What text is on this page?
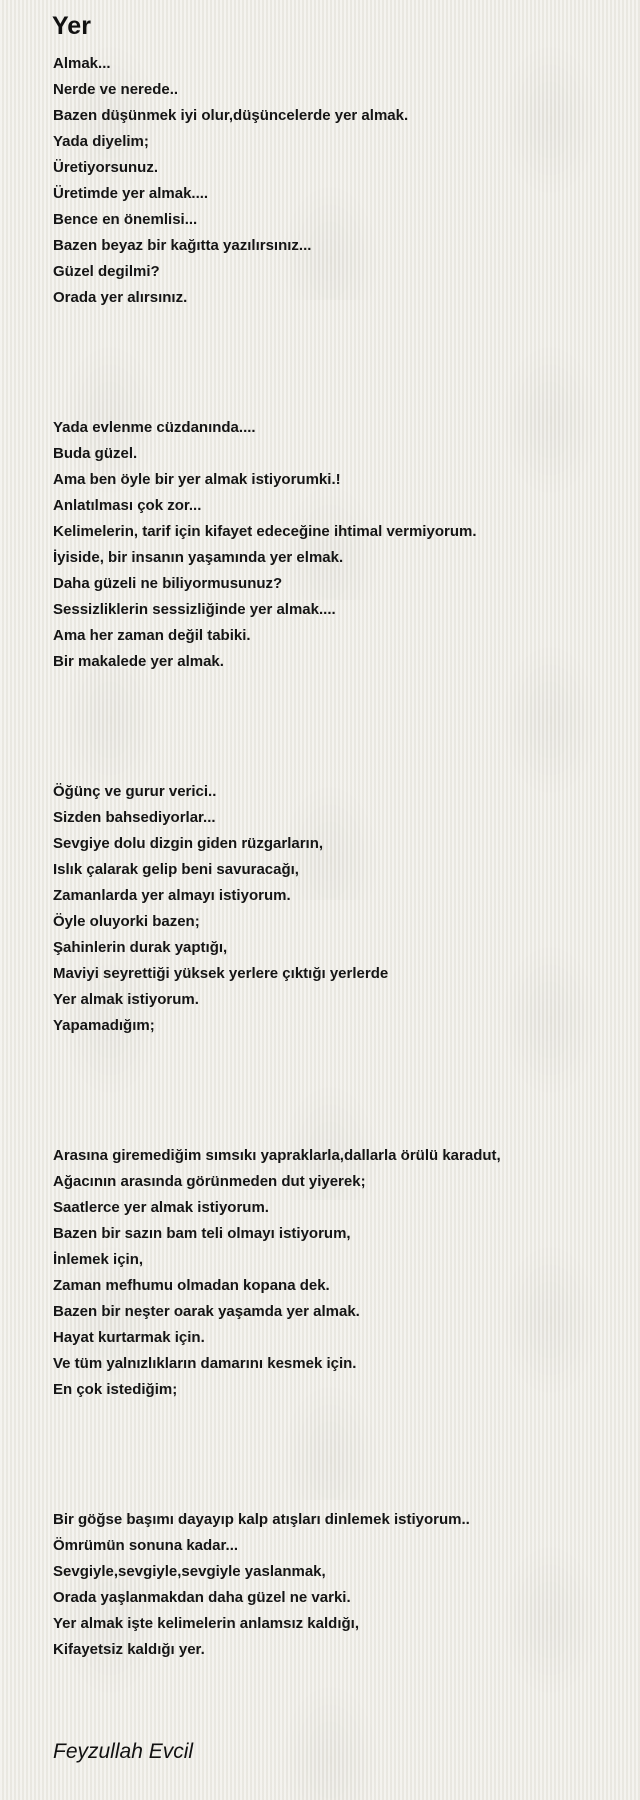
Yer
Almak...
Nerde ve nerede..
Bazen düşünmek iyi olur,düşüncelerde yer almak.
Yada diyelim;
Üretiyorsunuz.
Üretimde yer almak....
Bence en önemlisi...
Bazen beyaz bir kağıtta yazılırsınız...
Güzel degilmi?
Orada yer alırsınız.
Yada evlenme cüzdanında....
Buda güzel.
Ama ben öyle bir yer almak istiyorumki.!
Anlatılması çok zor...
Kelimelerin, tarif için kifayet edeceğine ihtimal vermiyorum.
İyiside, bir insanın yaşamında yer elmak.
Daha güzeli ne biliyormusunuz?
Sessizliklerin sessizliğinde yer almak....
Ama her zaman değil tabiki.
Bir makalede yer almak.
Öğünç ve gurur verici..
Sizden bahsediyorlar...
Sevgiye dolu dizgin giden rüzgarların,
Islık çalarak gelip beni savuracağı,
Zamanlarda yer almayı istiyorum.
Öyle oluyorki bazen;
Şahinlerin durak yaptığı,
Maviyi seyrettiği yüksek yerlere çıktığı yerlerde
Yer almak istiyorum.
Yapamadığım;
Arasına giremediğim sımsıkı yapraklarla,dallarla örülü karadut,
Ağacının arasında görünmeden dut yiyerek;
Saatlerce yer almak istiyorum.
Bazen bir sazın bam teli olmayı istiyorum,
İnlemek için,
Zaman mefhumu olmadan kopana dek.
Bazen bir neşter oarak yaşamda yer almak.
Hayat kurtarmak için.
Ve tüm yalnızlıkların damarını kesmek için.
En çok istediğim;
Bir göğse başımı dayayıp kalp atışları dinlemek istiyorum..
Ömrümün sonuna kadar...
Sevgiyle,sevgiyle,sevgiyle yaslanmak,
Orada yaşlanmakdan daha güzel ne varki.
Yer almak işte kelimelerin anlamsız kaldığı,
Kifayetsiz kaldığı yer.
Feyzullah Evcil
